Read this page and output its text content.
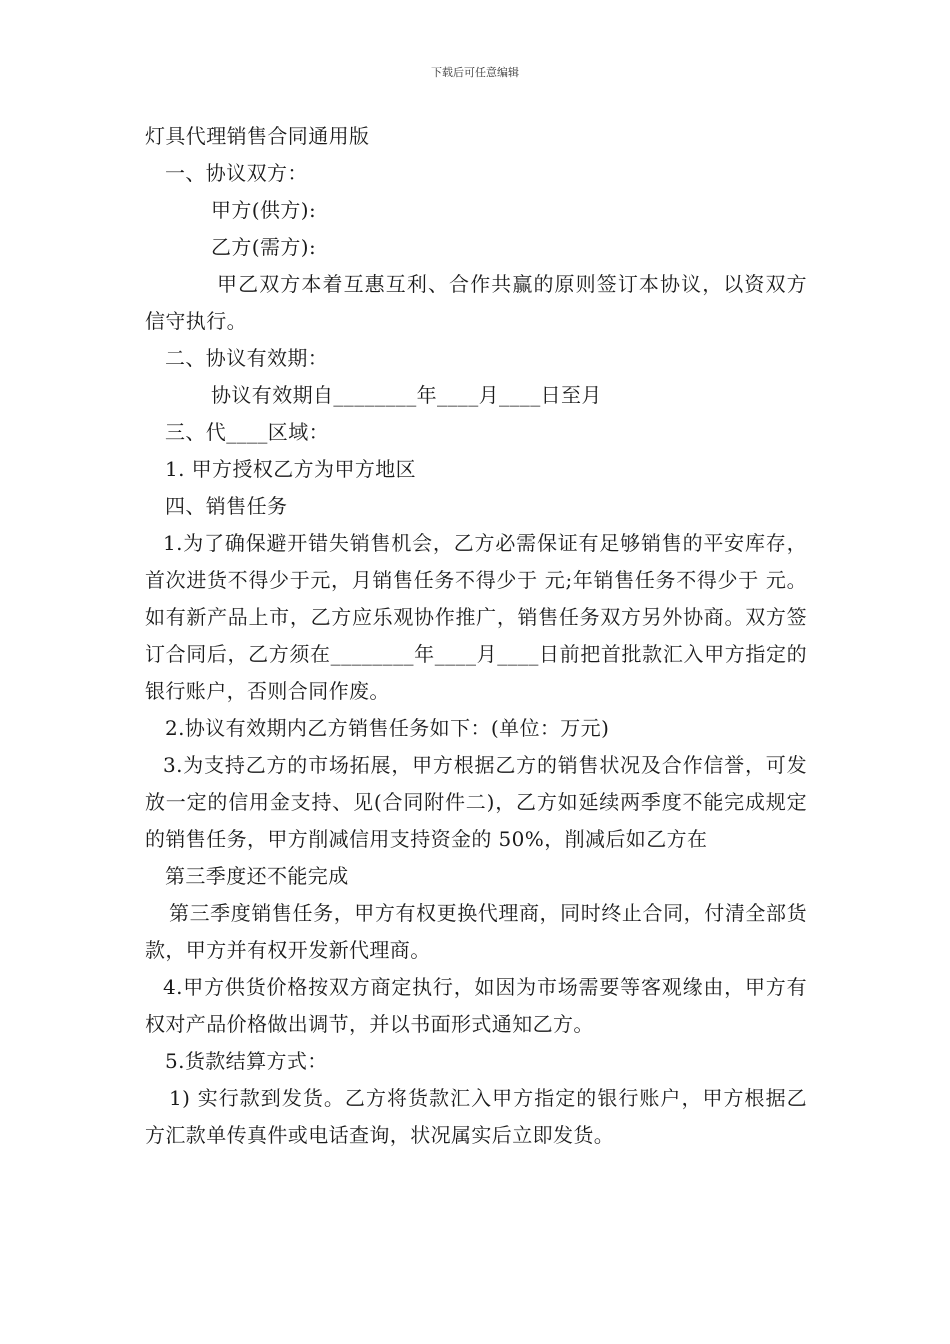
下载后可任意编辑

灯具代理销售合同通用版

一、协议双方：

甲方(供方):

乙方(需方):

甲乙双方本着互惠互利、合作共赢的原则签订本协议，以资双方信守执行。

二、协议有效期：

协议有效期自________年____月____日至月

三、代____区域：

1. 甲方授权乙方为甲方地区

四、销售任务

1.为了确保避开错失销售机会，乙方必需保证有足够销售的平安库存，首次进货不得少于元，月销售任务不得少于 元;年销售任务不得少于 元。如有新产品上市，乙方应乐观协作推广，销售任务双方另外协商。双方签订合同后，乙方须在________年____月____日前把首批款汇入甲方指定的银行账户，否则合同作废。

2.协议有效期内乙方销售任务如下：(单位：万元)

3.为支持乙方的市场拓展，甲方根据乙方的销售状况及合作信誉，可发放一定的信用金支持、见(合同附件二)，乙方如延续两季度不能完成规定的销售任务，甲方削减信用支持资金的 50%，削减后如乙方在

第三季度还不能完成

第三季度销售任务，甲方有权更换代理商，同时终止合同，付清全部货款，甲方并有权开发新代理商。

4.甲方供货价格按双方商定执行，如因为市场需要等客观缘由，甲方有权对产品价格做出调节，并以书面形式通知乙方。

5.货款结算方式：

1) 实行款到发货。乙方将货款汇入甲方指定的银行账户，甲方根据乙方汇款单传真件或电话查询，状况属实后立即发货。
